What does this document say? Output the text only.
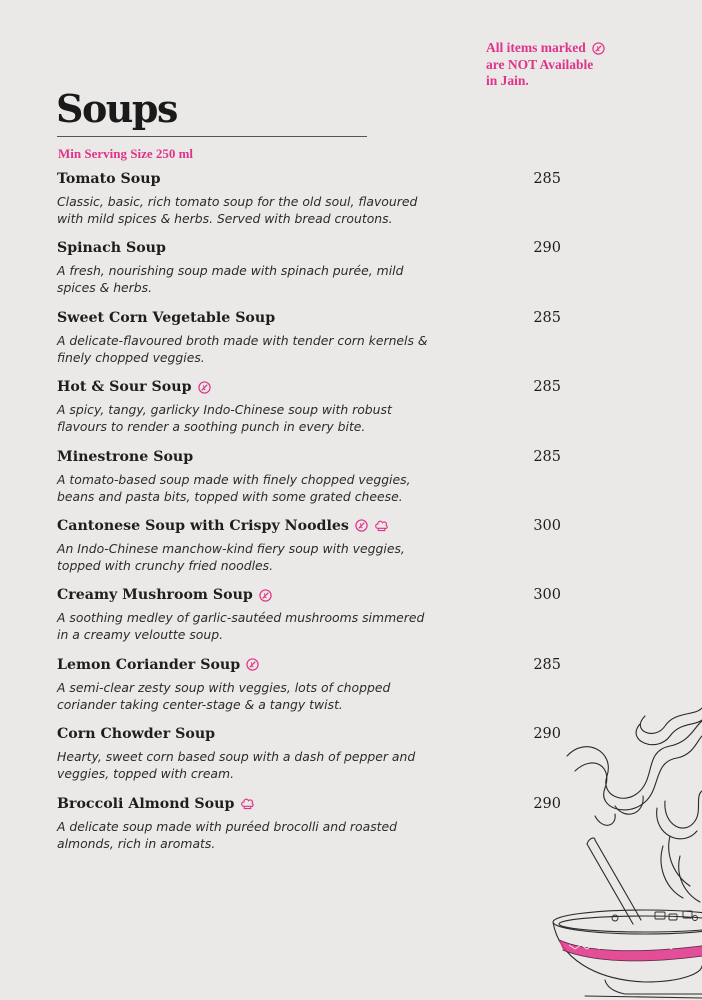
All items marked
are NOT Available
in Jain.
Soups
Min Serving Size 250 ml
Tomato Soup	285
Classic, basic, rich tomato soup for the old soul, flavoured with mild spices & herbs. Served with bread croutons.
Spinach Soup	290
A fresh, nourishing soup made with spinach purée, mild spices & herbs.
Sweet Corn Vegetable Soup	285
A delicate-flavoured broth made with tender corn kernels & finely chopped veggies.
Hot & Sour Soup	285
A spicy, tangy, garlicky Indo-Chinese soup with robust flavours to render a soothing punch in every bite.
Minestrone Soup	285
A tomato-based soup made with finely chopped veggies, beans and pasta bits, topped with some grated cheese.
Cantonese Soup with Crispy Noodles	300
An Indo-Chinese manchow-kind fiery soup with veggies, topped with crunchy fried noodles.
Creamy Mushroom Soup	300
A soothing medley of garlic-sautéed mushrooms simmered in a creamy veloutte soup.
Lemon Coriander Soup	285
A semi-clear zesty soup with veggies, lots of chopped coriander taking center-stage & a tangy twist.
Corn Chowder Soup	290
Hearty, sweet corn based soup with a dash of pepper and veggies, topped with cream.
Broccoli Almond Soup	290
A delicate soup made with puréed brocolli and roasted almonds, rich in aromats.
